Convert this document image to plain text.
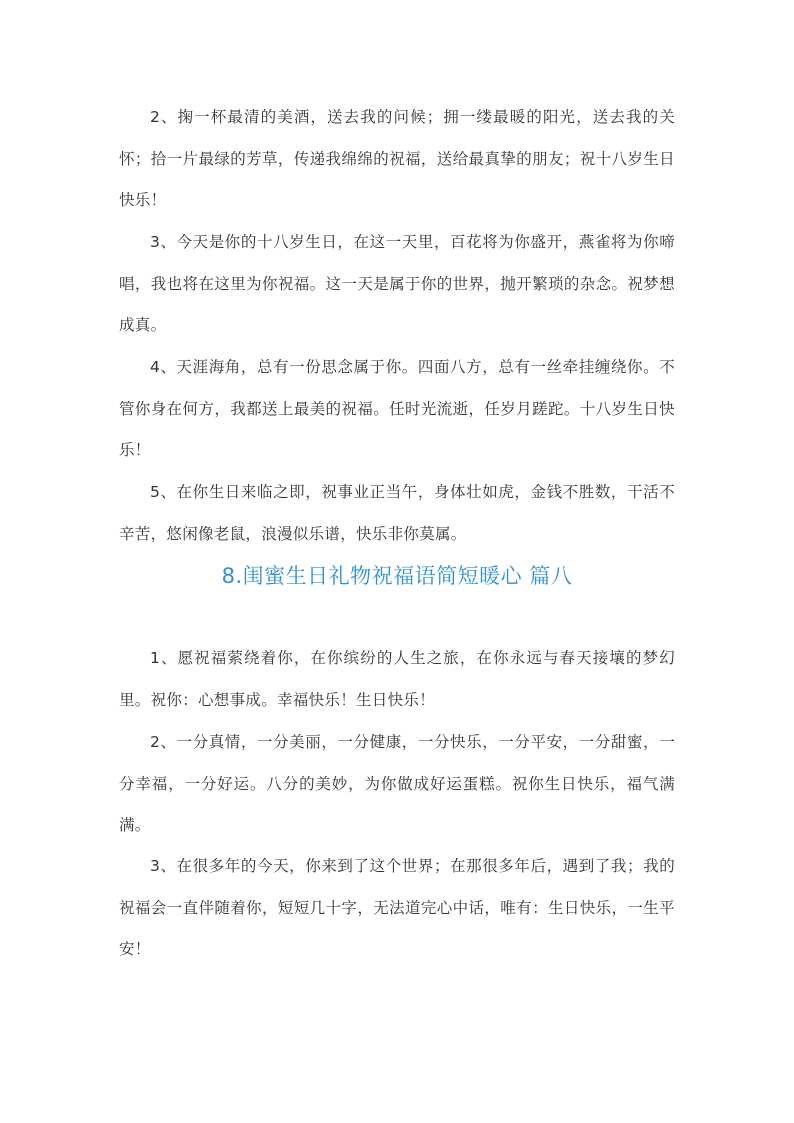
2、掬一杯最清的美酒，送去我的问候；拥一缕最暖的阳光，送去我的关怀；拾一片最绿的芳草，传递我绵绵的祝福，送给最真挚的朋友；祝十八岁生日快乐！

3、今天是你的十八岁生日，在这一天里，百花将为你盛开，燕雀将为你啼唱，我也将在这里为你祝福。这一天是属于你的世界，抛开繁琐的杂念。祝梦想成真。

4、天涯海角，总有一份思念属于你。四面八方，总有一丝牵挂缠绕你。不管你身在何方，我都送上最美的祝福。任时光流逝，任岁月蹉跎。十八岁生日快乐！

5、在你生日来临之即，祝事业正当午，身体壮如虎，金钱不胜数，干活不辛苦，悠闲像老鼠，浪漫似乐谱，快乐非你莫属。

8.闺蜜生日礼物祝福语简短暖心 篇八

1、愿祝福萦绕着你，在你缤纷的人生之旅，在你永远与春天接壤的梦幻里。祝你：心想事成。幸福快乐！生日快乐！

2、一分真情，一分美丽，一分健康，一分快乐，一分平安，一分甜蜜，一分幸福，一分好运。八分的美妙，为你做成好运蛋糕。祝你生日快乐，福气满满。

3、在很多年的今天，你来到了这个世界；在那很多年后，遇到了我；我的祝福会一直伴随着你，短短几十字，无法道完心中话，唯有：生日快乐，一生平安！
